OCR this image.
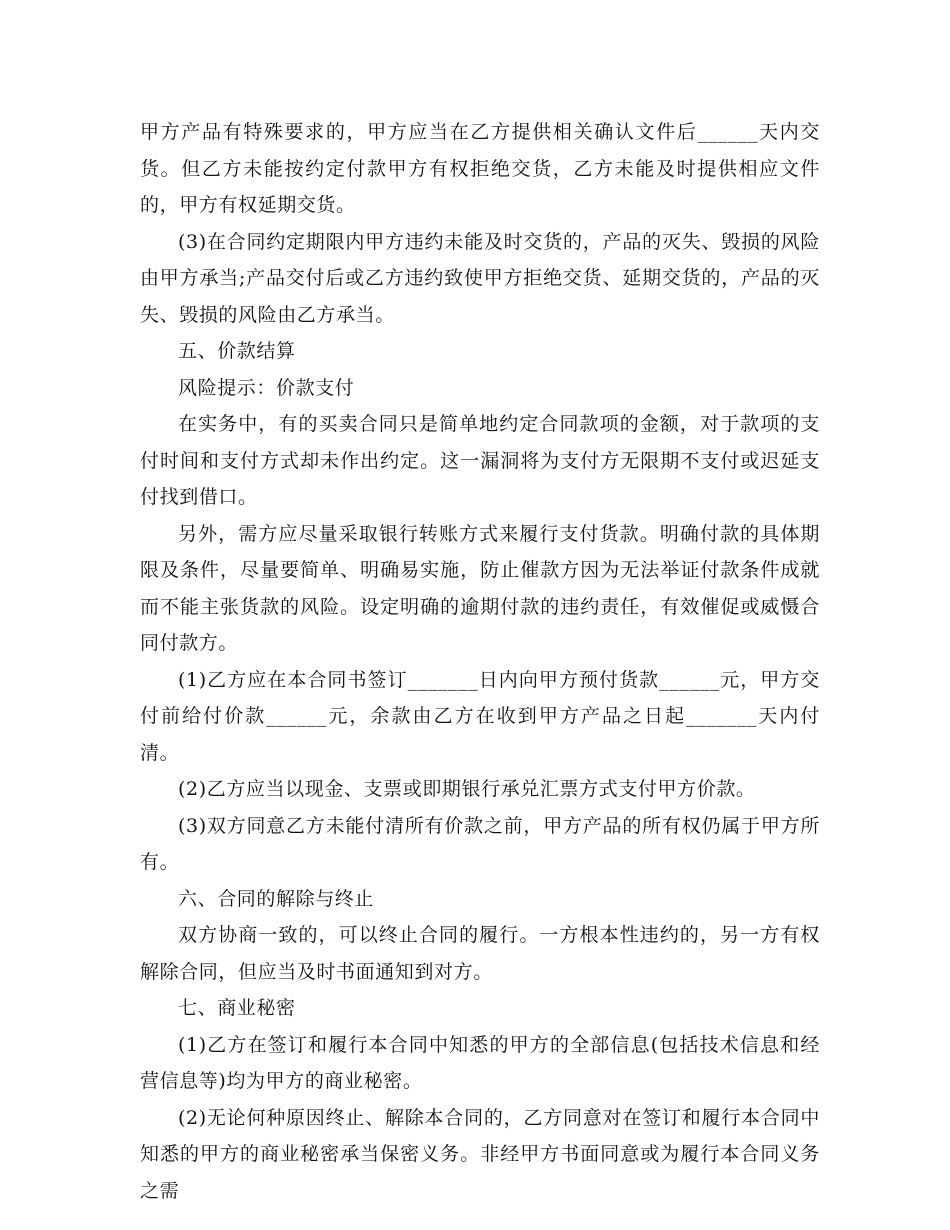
甲方产品有特殊要求的，甲方应当在乙方提供相关确认文件后______天内交货。但乙方未能按约定付款甲方有权拒绝交货，乙方未能及时提供相应文件的，甲方有权延期交货。

(3)在合同约定期限内甲方违约未能及时交货的，产品的灭失、毁损的风险由甲方承当;产品交付后或乙方违约致使甲方拒绝交货、延期交货的，产品的灭失、毁损的风险由乙方承当。

五、价款结算

风险提示：价款支付

在实务中，有的买卖合同只是简单地约定合同款项的金额，对于款项的支付时间和支付方式却未作出约定。这一漏洞将为支付方无限期不支付或迟延支付找到借口。

另外，需方应尽量采取银行转账方式来履行支付货款。明确付款的具体期限及条件，尽量要简单、明确易实施，防止催款方因为无法举证付款条件成就而不能主张货款的风险。设定明确的逾期付款的违约责任，有效催促或威慑合同付款方。

(1)乙方应在本合同书签订_______日内向甲方预付货款______元，甲方交付前给付价款______元，余款由乙方在收到甲方产品之日起_______天内付清。

(2)乙方应当以现金、支票或即期银行承兑汇票方式支付甲方价款。

(3)双方同意乙方未能付清所有价款之前，甲方产品的所有权仍属于甲方所有。

六、合同的解除与终止

双方协商一致的，可以终止合同的履行。一方根本性违约的，另一方有权解除合同，但应当及时书面通知到对方。

七、商业秘密

(1)乙方在签订和履行本合同中知悉的甲方的全部信息(包括技术信息和经营信息等)均为甲方的商业秘密。

(2)无论何种原因终止、解除本合同的，乙方同意对在签订和履行本合同中知悉的甲方的商业秘密承当保密义务。非经甲方书面同意或为履行本合同义务之需
